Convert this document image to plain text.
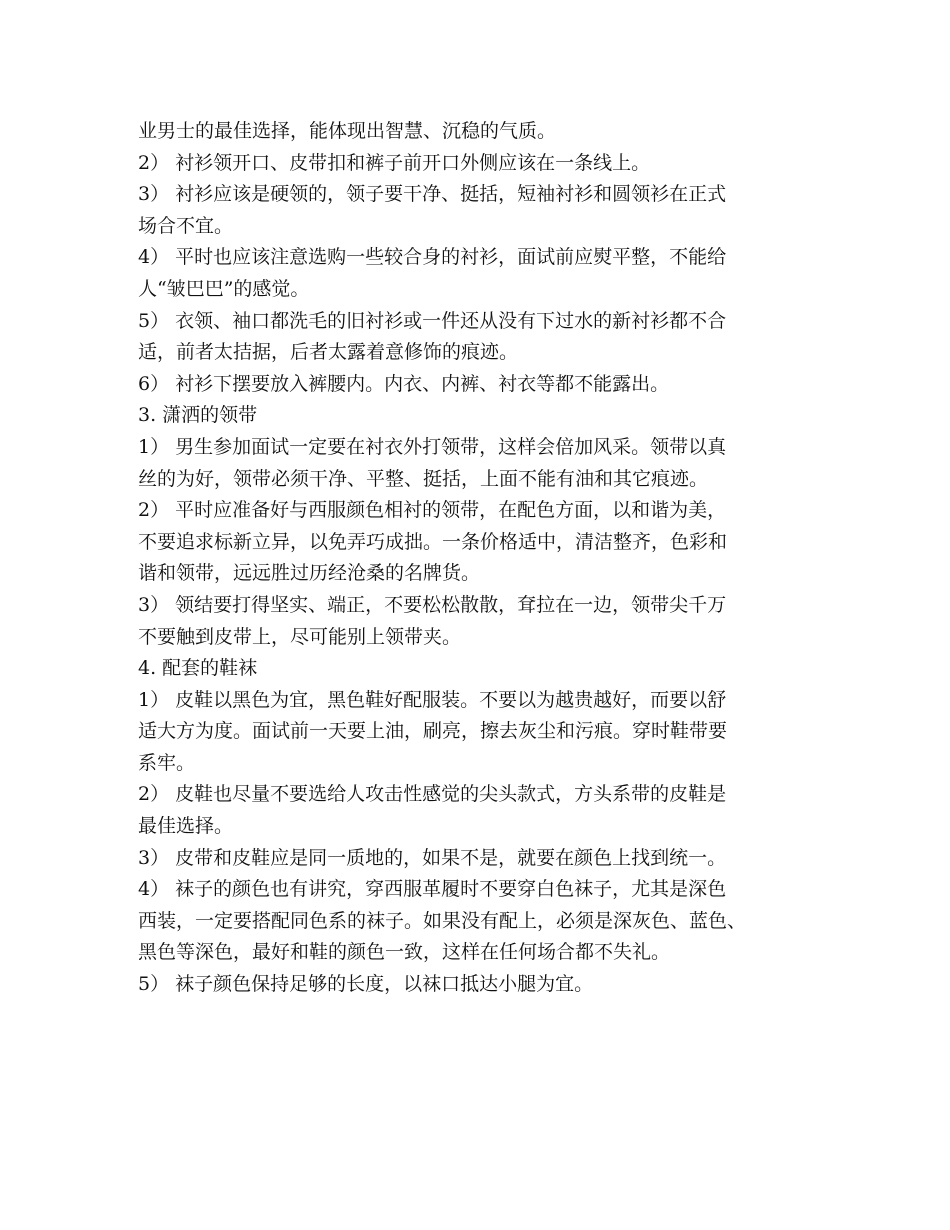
业男士的最佳选择，能体现出智慧、沉稳的气质。
2） 衬衫领开口、皮带扣和裤子前开口外侧应该在一条线上。
3） 衬衫应该是硬领的，领子要干净、挺括，短袖衬衫和圆领衫在正式
场合不宜。
4） 平时也应该注意选购一些较合身的衬衫，面试前应熨平整，不能给
人“皱巴巴”的感觉。
5） 衣领、袖口都洗毛的旧衬衫或一件还从没有下过水的新衬衫都不合
适，前者太拮据，后者太露着意修饰的痕迹。
6） 衬衫下摆要放入裤腰内。内衣、内裤、衬衣等都不能露出。
3. 潇洒的领带
1） 男生参加面试一定要在衬衣外打领带，这样会倍加风采。领带以真
丝的为好，领带必须干净、平整、挺括，上面不能有油和其它痕迹。
2） 平时应准备好与西服颜色相衬的领带，在配色方面，以和谐为美，
不要追求标新立异，以免弄巧成拙。一条价格适中，清洁整齐，色彩和
谐和领带，远远胜过历经沧桑的名牌货。
3） 领结要打得坚实、端正，不要松松散散，耷拉在一边，领带尖千万
不要触到皮带上，尽可能别上领带夹。
4. 配套的鞋袜
1） 皮鞋以黑色为宜，黑色鞋好配服装。不要以为越贵越好，而要以舒
适大方为度。面试前一天要上油，刷亮，擦去灰尘和污痕。穿时鞋带要
系牢。
2） 皮鞋也尽量不要选给人攻击性感觉的尖头款式，方头系带的皮鞋是
最佳选择。
3） 皮带和皮鞋应是同一质地的，如果不是，就要在颜色上找到统一。
4） 袜子的颜色也有讲究，穿西服革履时不要穿白色袜子，尤其是深色
西装，一定要搭配同色系的袜子。如果没有配上，必须是深灰色、蓝色、
黑色等深色，最好和鞋的颜色一致，这样在任何场合都不失礼。
5） 袜子颜色保持足够的长度，以袜口抵达小腿为宜。
